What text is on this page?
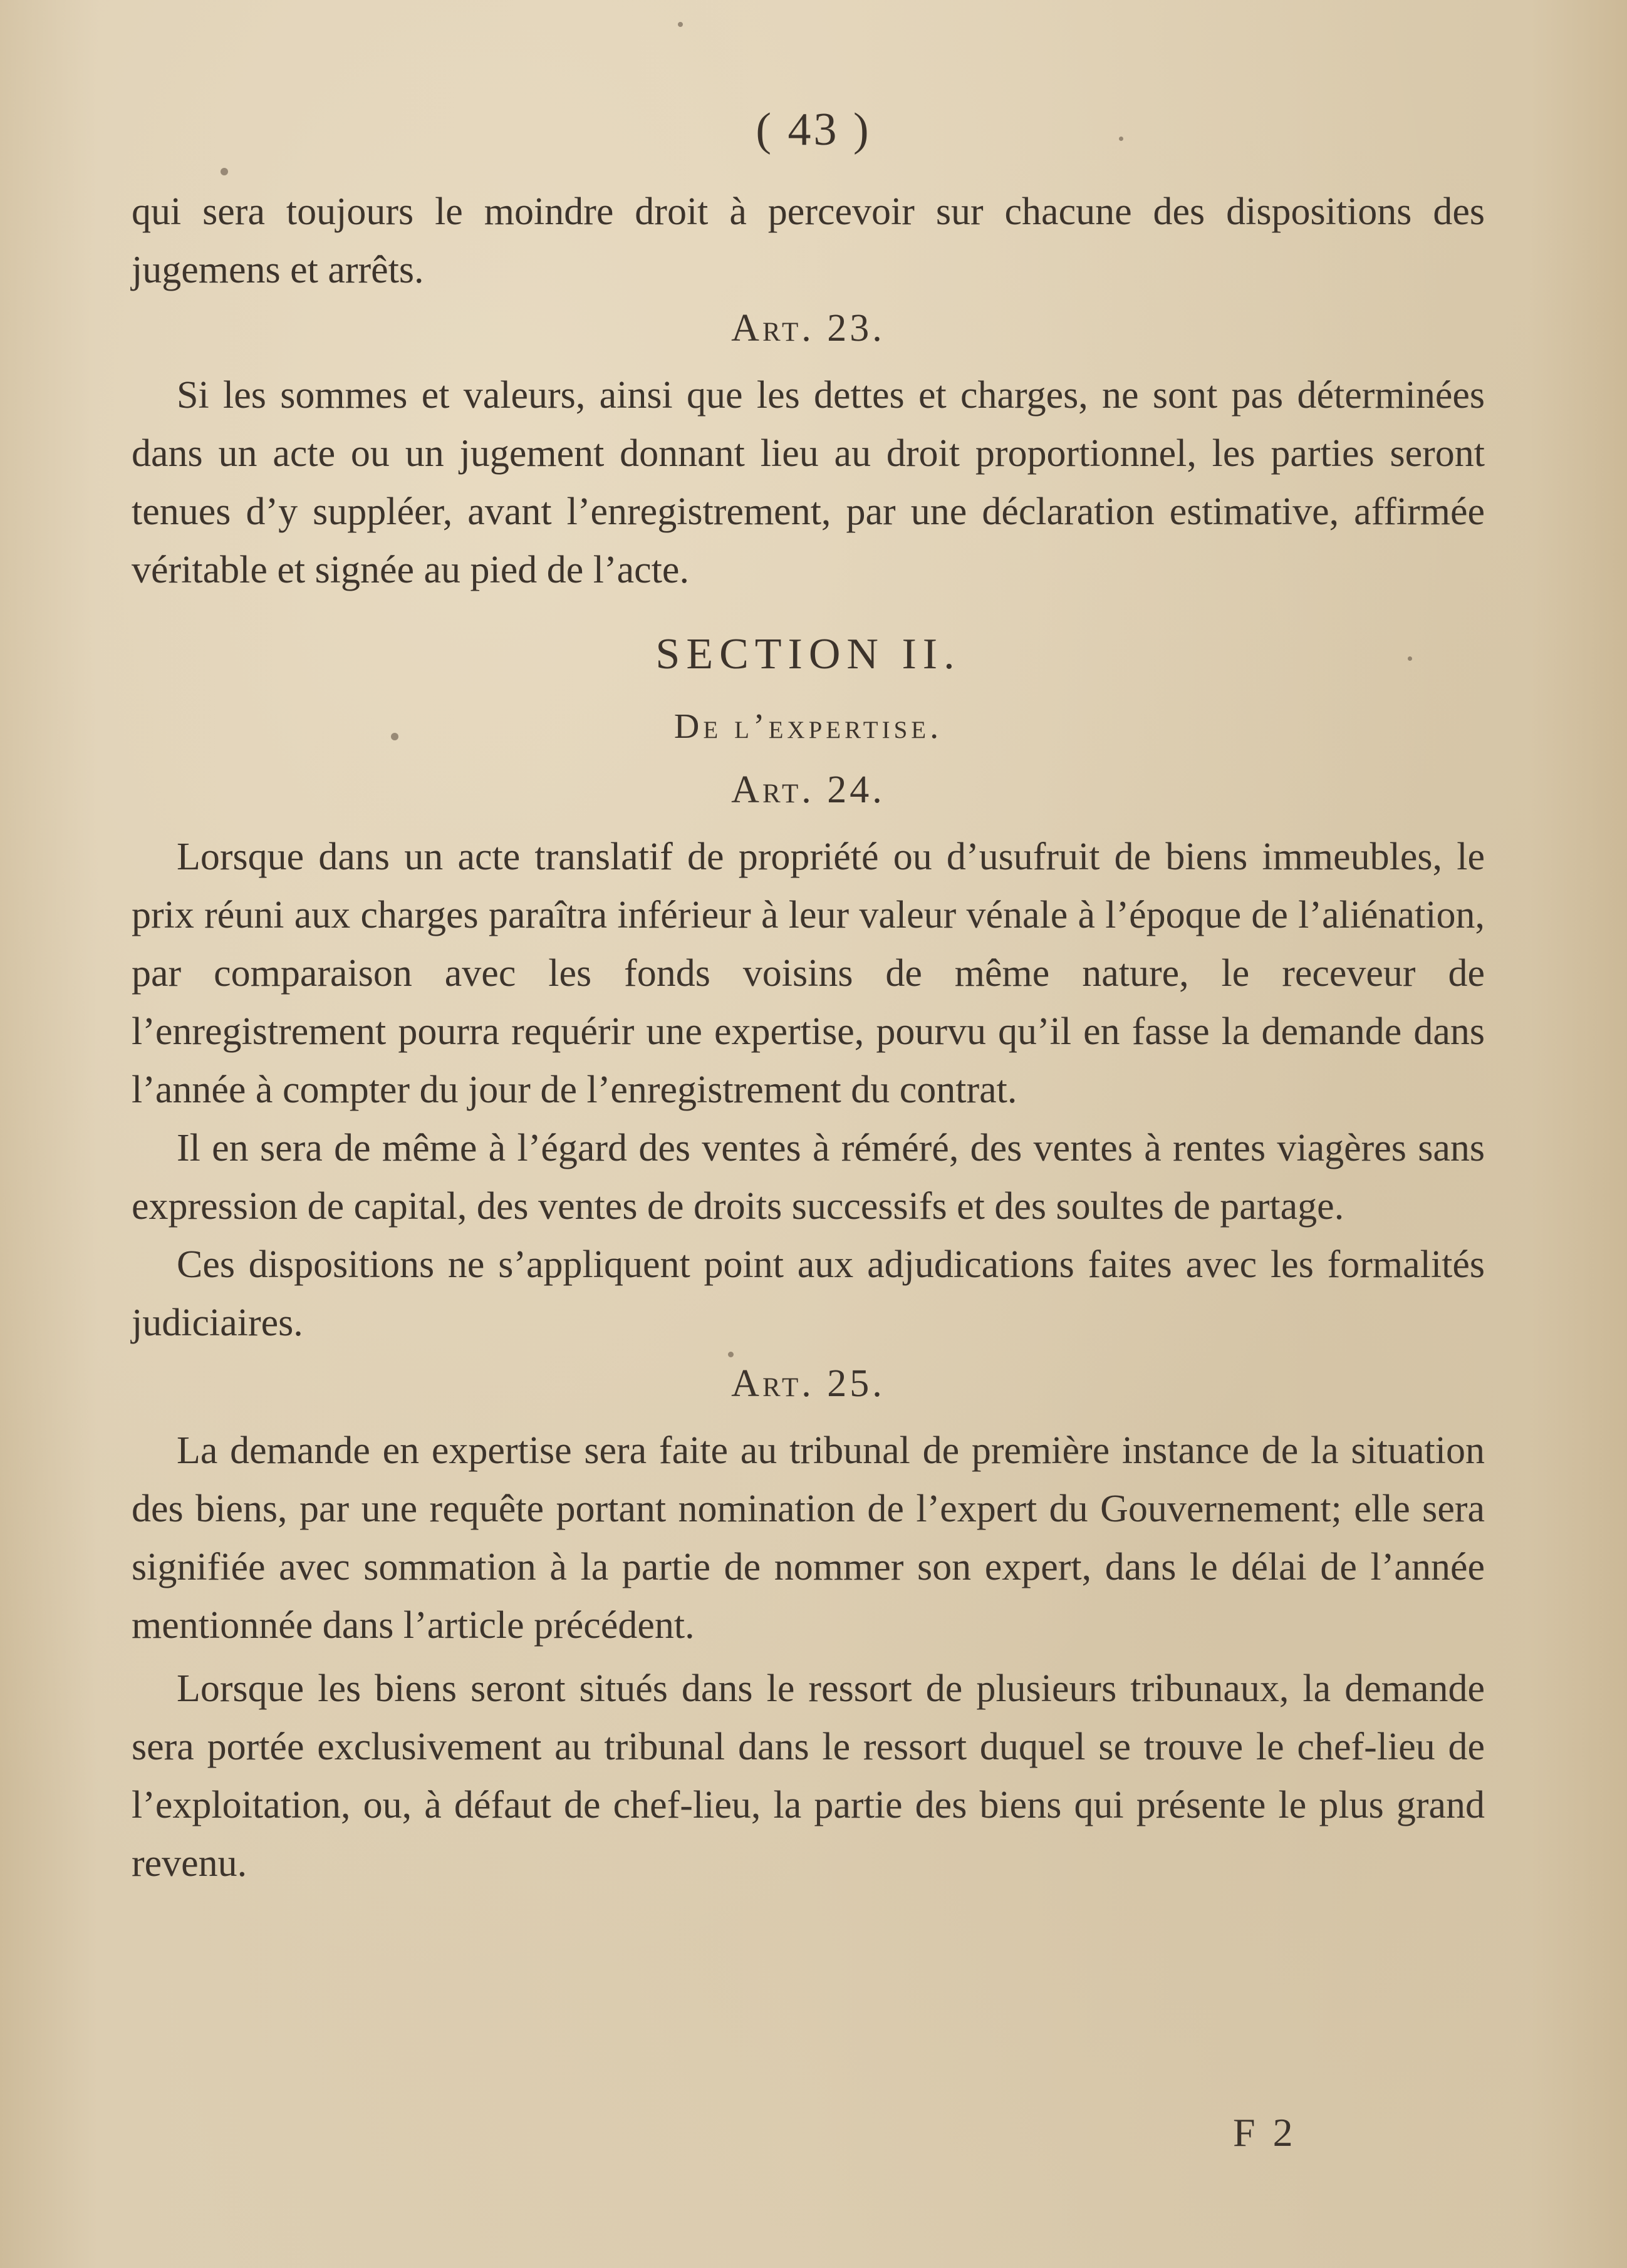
( 43 )

qui sera toujours le moindre droit à percevoir sur chacune des dispositions des jugemens et arrêts.

Art. 23.

Si les sommes et valeurs, ainsi que les dettes et charges, ne sont pas déterminées dans un acte ou un jugement donnant lieu au droit proportionnel, les parties seront tenues d’y suppléer, avant l’enregistrement, par une déclaration estimative, affirmée véritable et signée au pied de l’acte.

SECTION II.
De l’expertise.
Art. 24.

Lorsque dans un acte translatif de propriété ou d’usufruit de biens immeubles, le prix réuni aux charges paraîtra inférieur à leur valeur vénale à l’époque de l’aliénation, par comparaison avec les fonds voisins de même nature, le receveur de l’enregistrement pourra requérir une expertise, pourvu qu’il en fasse la demande dans l’année à compter du jour de l’enregistrement du contrat.

Il en sera de même à l’égard des ventes à réméré, des ventes à rentes viagères sans expression de capital, des ventes de droits successifs et des soultes de partage.

Ces dispositions ne s’appliquent point aux adjudications faites avec les formalités judiciaires.

Art. 25.

La demande en expertise sera faite au tribunal de première instance de la situation des biens, par une requête portant nomination de l’expert du Gouvernement; elle sera signifiée avec sommation à la partie de nommer son expert, dans le délai de l’année mentionnée dans l’article précédent.

Lorsque les biens seront situés dans le ressort de plusieurs tribunaux, la demande sera portée exclusivement au tribunal dans le ressort duquel se trouve le chef-lieu de l’exploitation, ou, à défaut de chef-lieu, la partie des biens qui présente le plus grand revenu.

F 2
